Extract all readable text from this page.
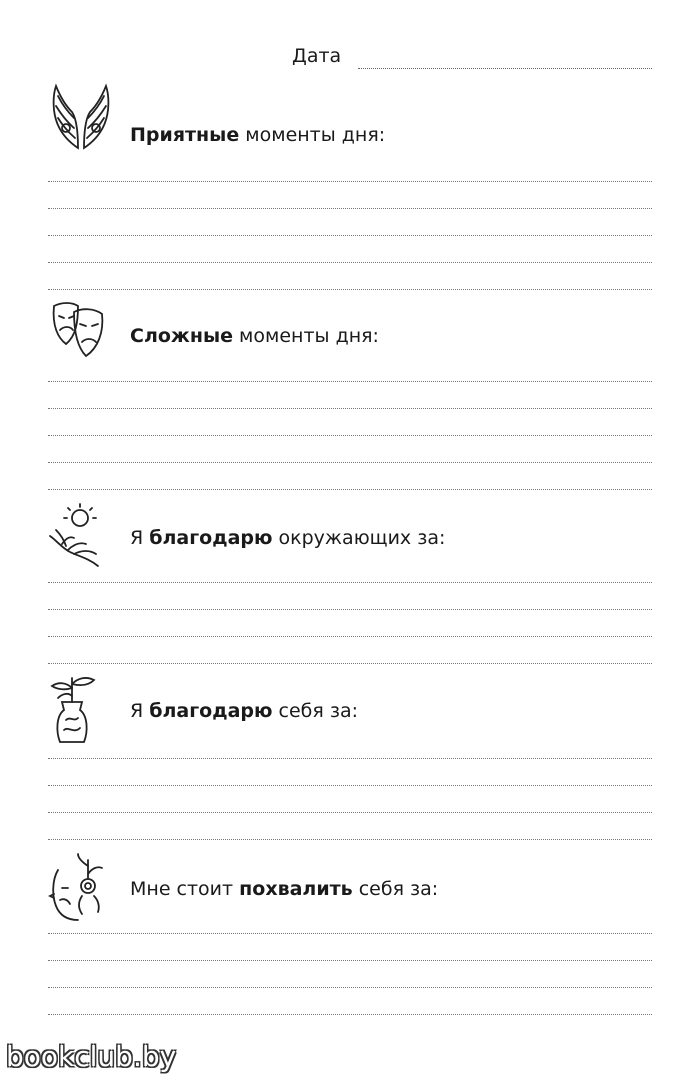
Дата
Приятные моменты дня:
Сложные моменты дня:
Я благодарю окружающих за:
Я благодарю себя за:
Мне стоит похвалить себя за:
bookclub.by
